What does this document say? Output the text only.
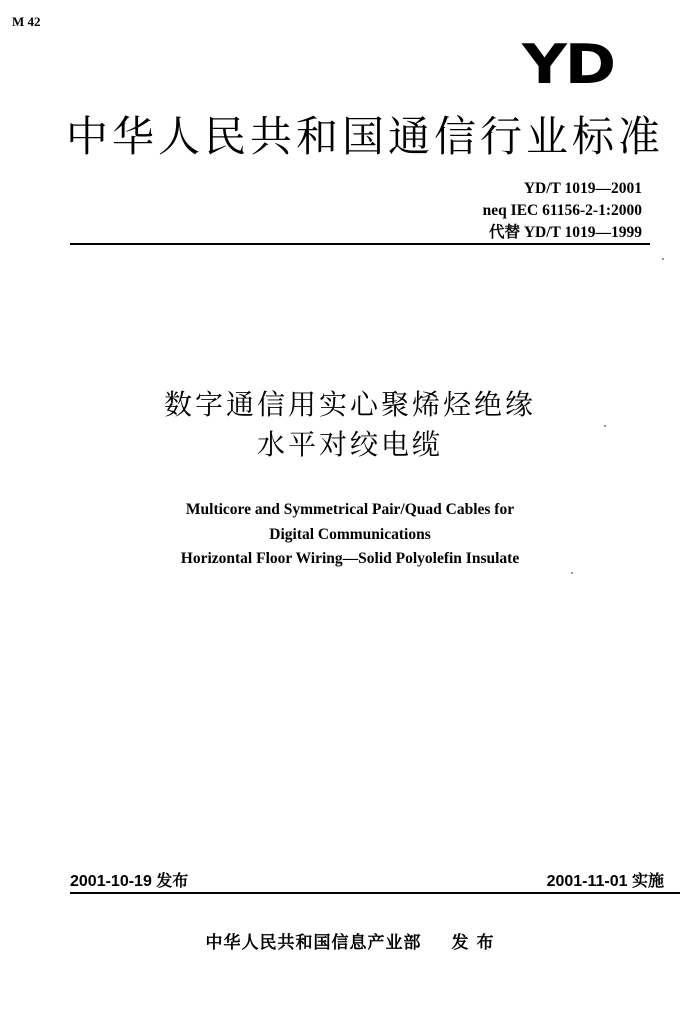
M 42
YD
中华人民共和国通信行业标准
YD/T 1019—2001
neq IEC 61156-2-1:2000
代替 YD/T 1019—1999
数字通信用实心聚烯烃绝缘
水平对绞电缆
Multicore and Symmetrical Pair/Quad Cables for
Digital Communications
Horizontal Floor Wiring—Solid Polyolefin Insulate
2001-10-19 发布	2001-11-01 实施
中华人民共和国信息产业部 发 布
